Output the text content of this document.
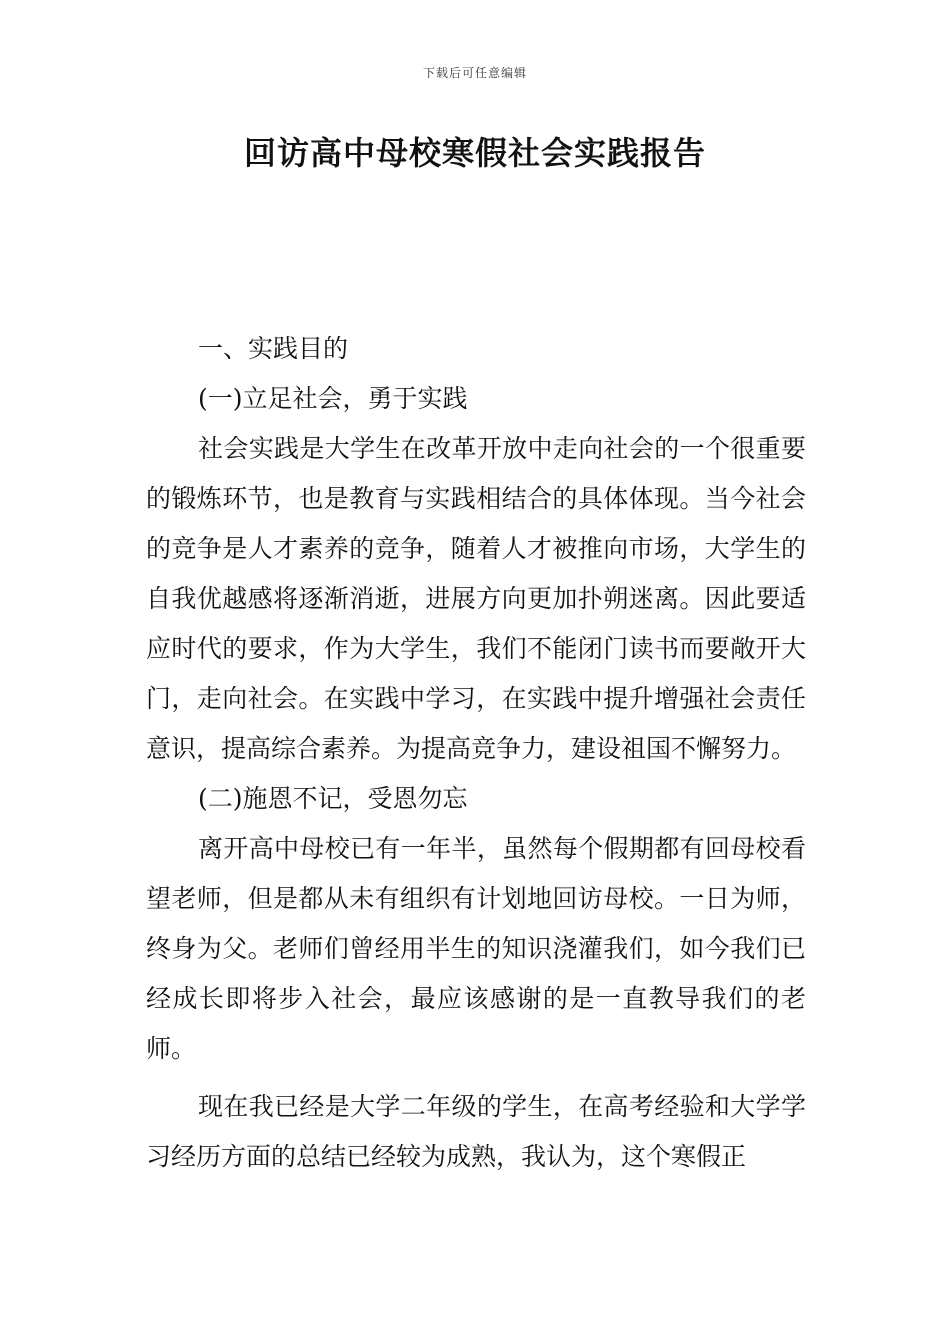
下载后可任意编辑
回访高中母校寒假社会实践报告

一、实践目的

(一)立足社会，勇于实践

社会实践是大学生在改革开放中走向社会的一个很重要的锻炼环节，也是教育与实践相结合的具体体现。当今社会的竞争是人才素养的竞争，随着人才被推向市场，大学生的自我优越感将逐渐消逝，进展方向更加扑朔迷离。因此要适应时代的要求，作为大学生，我们不能闭门读书而要敞开大门，走向社会。在实践中学习，在实践中提升增强社会责任意识，提高综合素养。为提高竞争力，建设祖国不懈努力。

(二)施恩不记，受恩勿忘

离开高中母校已有一年半，虽然每个假期都有回母校看望老师，但是都从未有组织有计划地回访母校。一日为师，终身为父。老师们曾经用半生的知识浇灌我们，如今我们已经成长即将步入社会，最应该感谢的是一直教导我们的老师。

现在我已经是大学二年级的学生，在高考经验和大学学习经历方面的总结已经较为成熟，我认为，这个寒假正
